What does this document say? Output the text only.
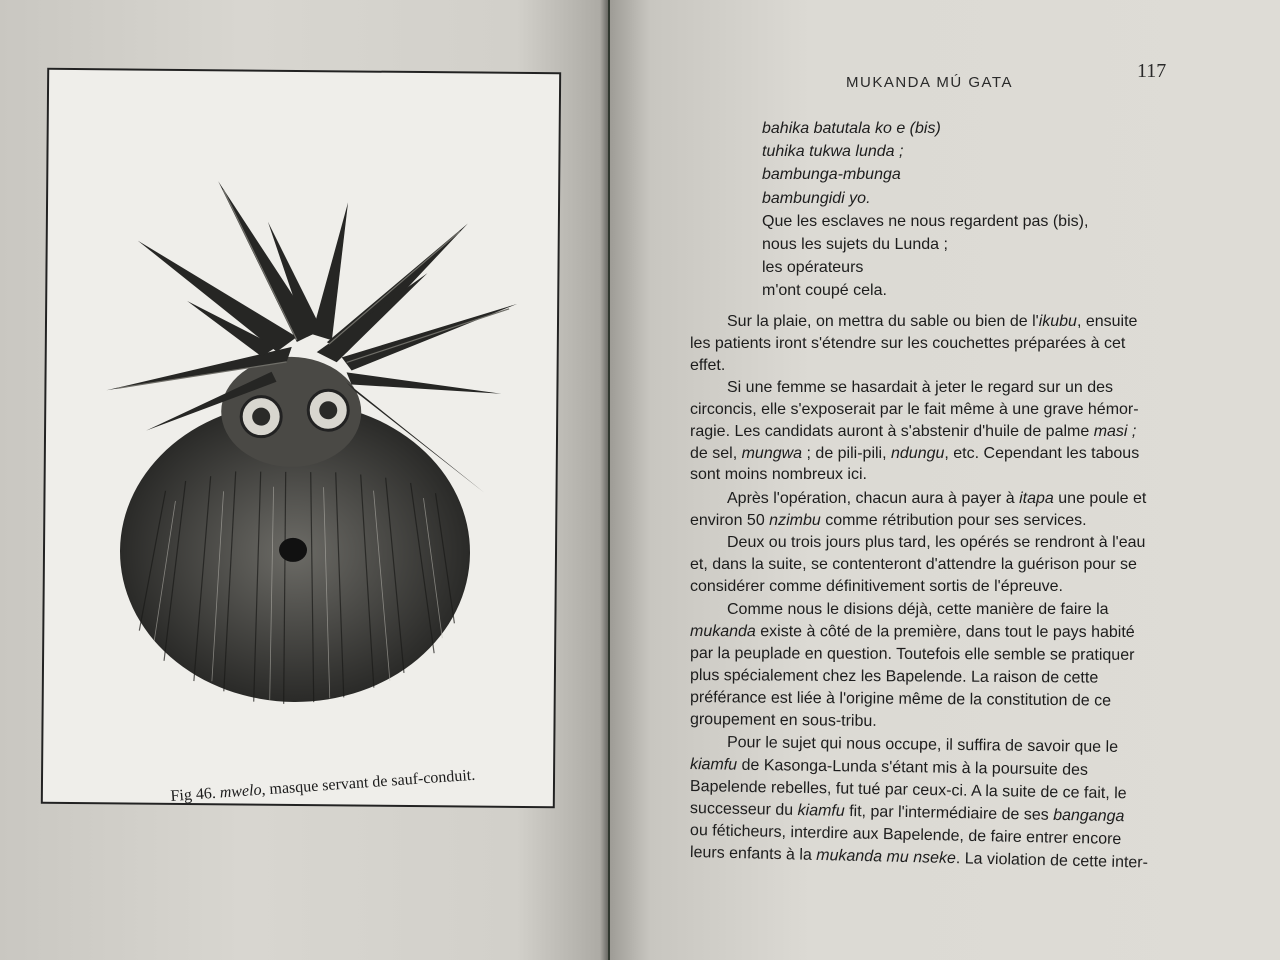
Fig 46. mwelo, masque servant de sauf-conduit.
MUKANDA MÚ GATA
117
bahika batutala ko e (bis)
tuhika tukwa lunda ;
bambunga-mbunga
bambungidi yo.
Que les esclaves ne nous regardent pas (bis),
nous les sujets du Lunda ;
les opérateurs
m'ont coupé cela.
Sur la plaie, on mettra du sable ou bien de l'ikubu, ensuite
les patients iront s'étendre sur les couchettes préparées à cet
effet.
Si une femme se hasardait à jeter le regard sur un des
circoncis, elle s'exposerait par le fait même à une grave hémor-
ragie. Les candidats auront à s'abstenir d'huile de palme masi ;
de sel, mungwa ; de pili-pili, ndungu, etc. Cependant les tabous
sont moins nombreux ici.
Après l'opération, chacun aura à payer à itapa une poule et
environ 50 nzimbu comme rétribution pour ses services.
Deux ou trois jours plus tard, les opérés se rendront à l'eau
et, dans la suite, se contenteront d'attendre la guérison pour se
considérer comme définitivement sortis de l'épreuve.
Comme nous le disions déjà, cette manière de faire la
mukanda existe à côté de la première, dans tout le pays habité
par la peuplade en question. Toutefois elle semble se pratiquer
plus spécialement chez les Bapelende. La raison de cette
préférance est liée à l'origine même de la constitution de ce
groupement en sous-tribu.
Pour le sujet qui nous occupe, il suffira de savoir que le
kiamfu de Kasonga-Lunda s'étant mis à la poursuite des
Bapelende rebelles, fut tué par ceux-ci. A la suite de ce fait, le
successeur du kiamfu fit, par l'intermédiaire de ses banganga
ou féticheurs, interdire aux Bapelende, de faire entrer encore
leurs enfants à la mukanda mu nseke. La violation de cette inter-
